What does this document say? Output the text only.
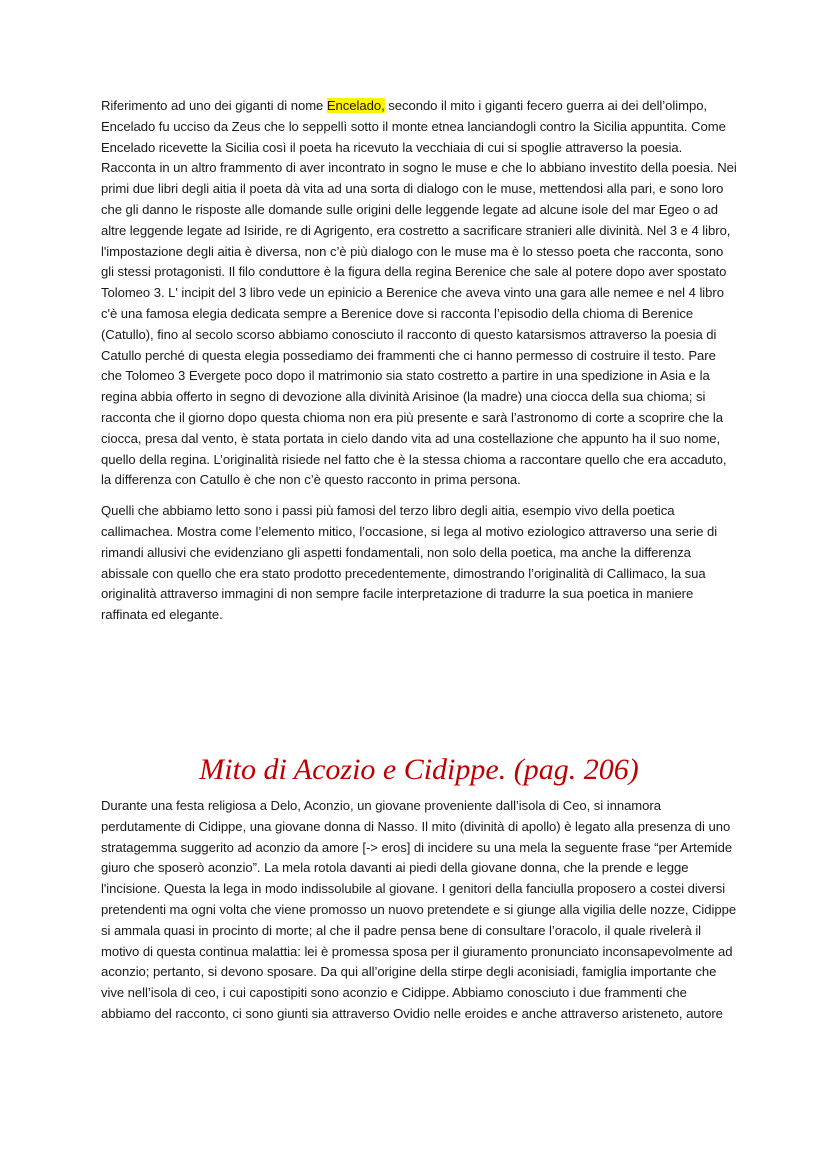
Riferimento ad uno dei giganti di nome Encelado, secondo il mito i giganti fecero guerra ai dei dell’olimpo, Encelado fu ucciso da Zeus che lo seppellì sotto il monte etnea lanciandogli contro la Sicilia appuntita. Come Encelado ricevette la Sicilia così il poeta ha ricevuto la vecchiaia di cui si spoglie attraverso la poesia. Racconta in un altro frammento di aver incontrato in sogno le muse e che lo abbiano investito della poesia. Nei primi due libri degli aitia il poeta dà vita ad una sorta di dialogo con le muse, mettendosi alla pari, e sono loro che gli danno le risposte alle domande sulle origini delle leggende legate ad alcune isole del mar Egeo o ad altre leggende legate ad Isiride, re di Agrigento, era costretto a sacrificare stranieri alle divinità. Nel 3 e 4 libro, l'impostazione degli aitia è diversa, non c’è più dialogo con le muse ma è lo stesso poeta che racconta, sono gli stessi protagonisti. Il filo conduttore è la figura della regina Berenice che sale al potere dopo aver spostato Tolomeo 3. L' incipit del 3 libro vede un epinicio a Berenice che aveva vinto una gara alle nemee e nel 4 libro c'è una famosa elegia dedicata sempre a Berenice dove si racconta l’episodio della chioma di Berenice (Catullo), fino al secolo scorso abbiamo conosciuto il racconto di questo katarsismos attraverso la poesia di Catullo perché di questa elegia possediamo dei frammenti che ci hanno permesso di costruire il testo. Pare che Tolomeo 3 Evergete poco dopo il matrimonio sia stato costretto a partire in una spedizione in Asia e la regina abbia offerto in segno di devozione alla divinità Arisinoe (la madre) una ciocca della sua chioma; si racconta che il giorno dopo questa chioma non era più presente e sarà l’astronomo di corte a scoprire che la ciocca, presa dal vento, è stata portata in cielo dando vita ad una costellazione che appunto ha il suo nome, quello della regina. L’originalità risiede nel fatto che è la stessa chioma a raccontare quello che era accaduto, la differenza con Catullo è che non c’è questo racconto in prima persona.

Quelli che abbiamo letto sono i passi più famosi del terzo libro degli aitia, esempio vivo della poetica callimachea. Mostra come l’elemento mitico, l’occasione, si lega al motivo eziologico attraverso una serie di rimandi allusivi che evidenziano gli aspetti fondamentali, non solo della poetica, ma anche la differenza abissale con quello che era stato prodotto precedentemente, dimostrando l’originalità di Callimaco, la sua originalità attraverso immagini di non sempre facile interpretazione di tradurre la sua poetica in maniere raffinata ed elegante.

Mito di Acozio e Cidippe. (pag. 206)

Durante una festa religiosa a Delo, Aconzio, un giovane proveniente dall’isola di Ceo, si innamora perdutamente di Cidippe, una giovane donna di Nasso. Il mito (divinità di apollo) è legato alla presenza di uno stratagemma suggerito ad aconzio da amore [-> eros] di incidere su una mela la seguente frase “per Artemide giuro che sposerò aconzio”. La mela rotola davanti ai piedi della giovane donna, che la prende e legge l'incisione. Questa la lega in modo indissolubile al giovane. I genitori della fanciulla proposero a costei diversi pretendenti ma ogni volta che viene promosso un nuovo pretendete e si giunge alla vigilia delle nozze, Cidippe si ammala quasi in procinto di morte; al che il padre pensa bene di consultare l’oracolo, il quale rivelerà il motivo di questa continua malattia: lei è promessa sposa per il giuramento pronunciato inconsapevolmente ad aconzio; pertanto, si devono sposare. Da qui all’origine della stirpe degli aconisiadi, famiglia importante che vive nell’isola di ceo, i cui capostipiti sono aconzio e Cidippe. Abbiamo conosciuto i due frammenti che abbiamo del racconto, ci sono giunti sia attraverso Ovidio nelle eroides e anche attraverso aristeneto, autore
